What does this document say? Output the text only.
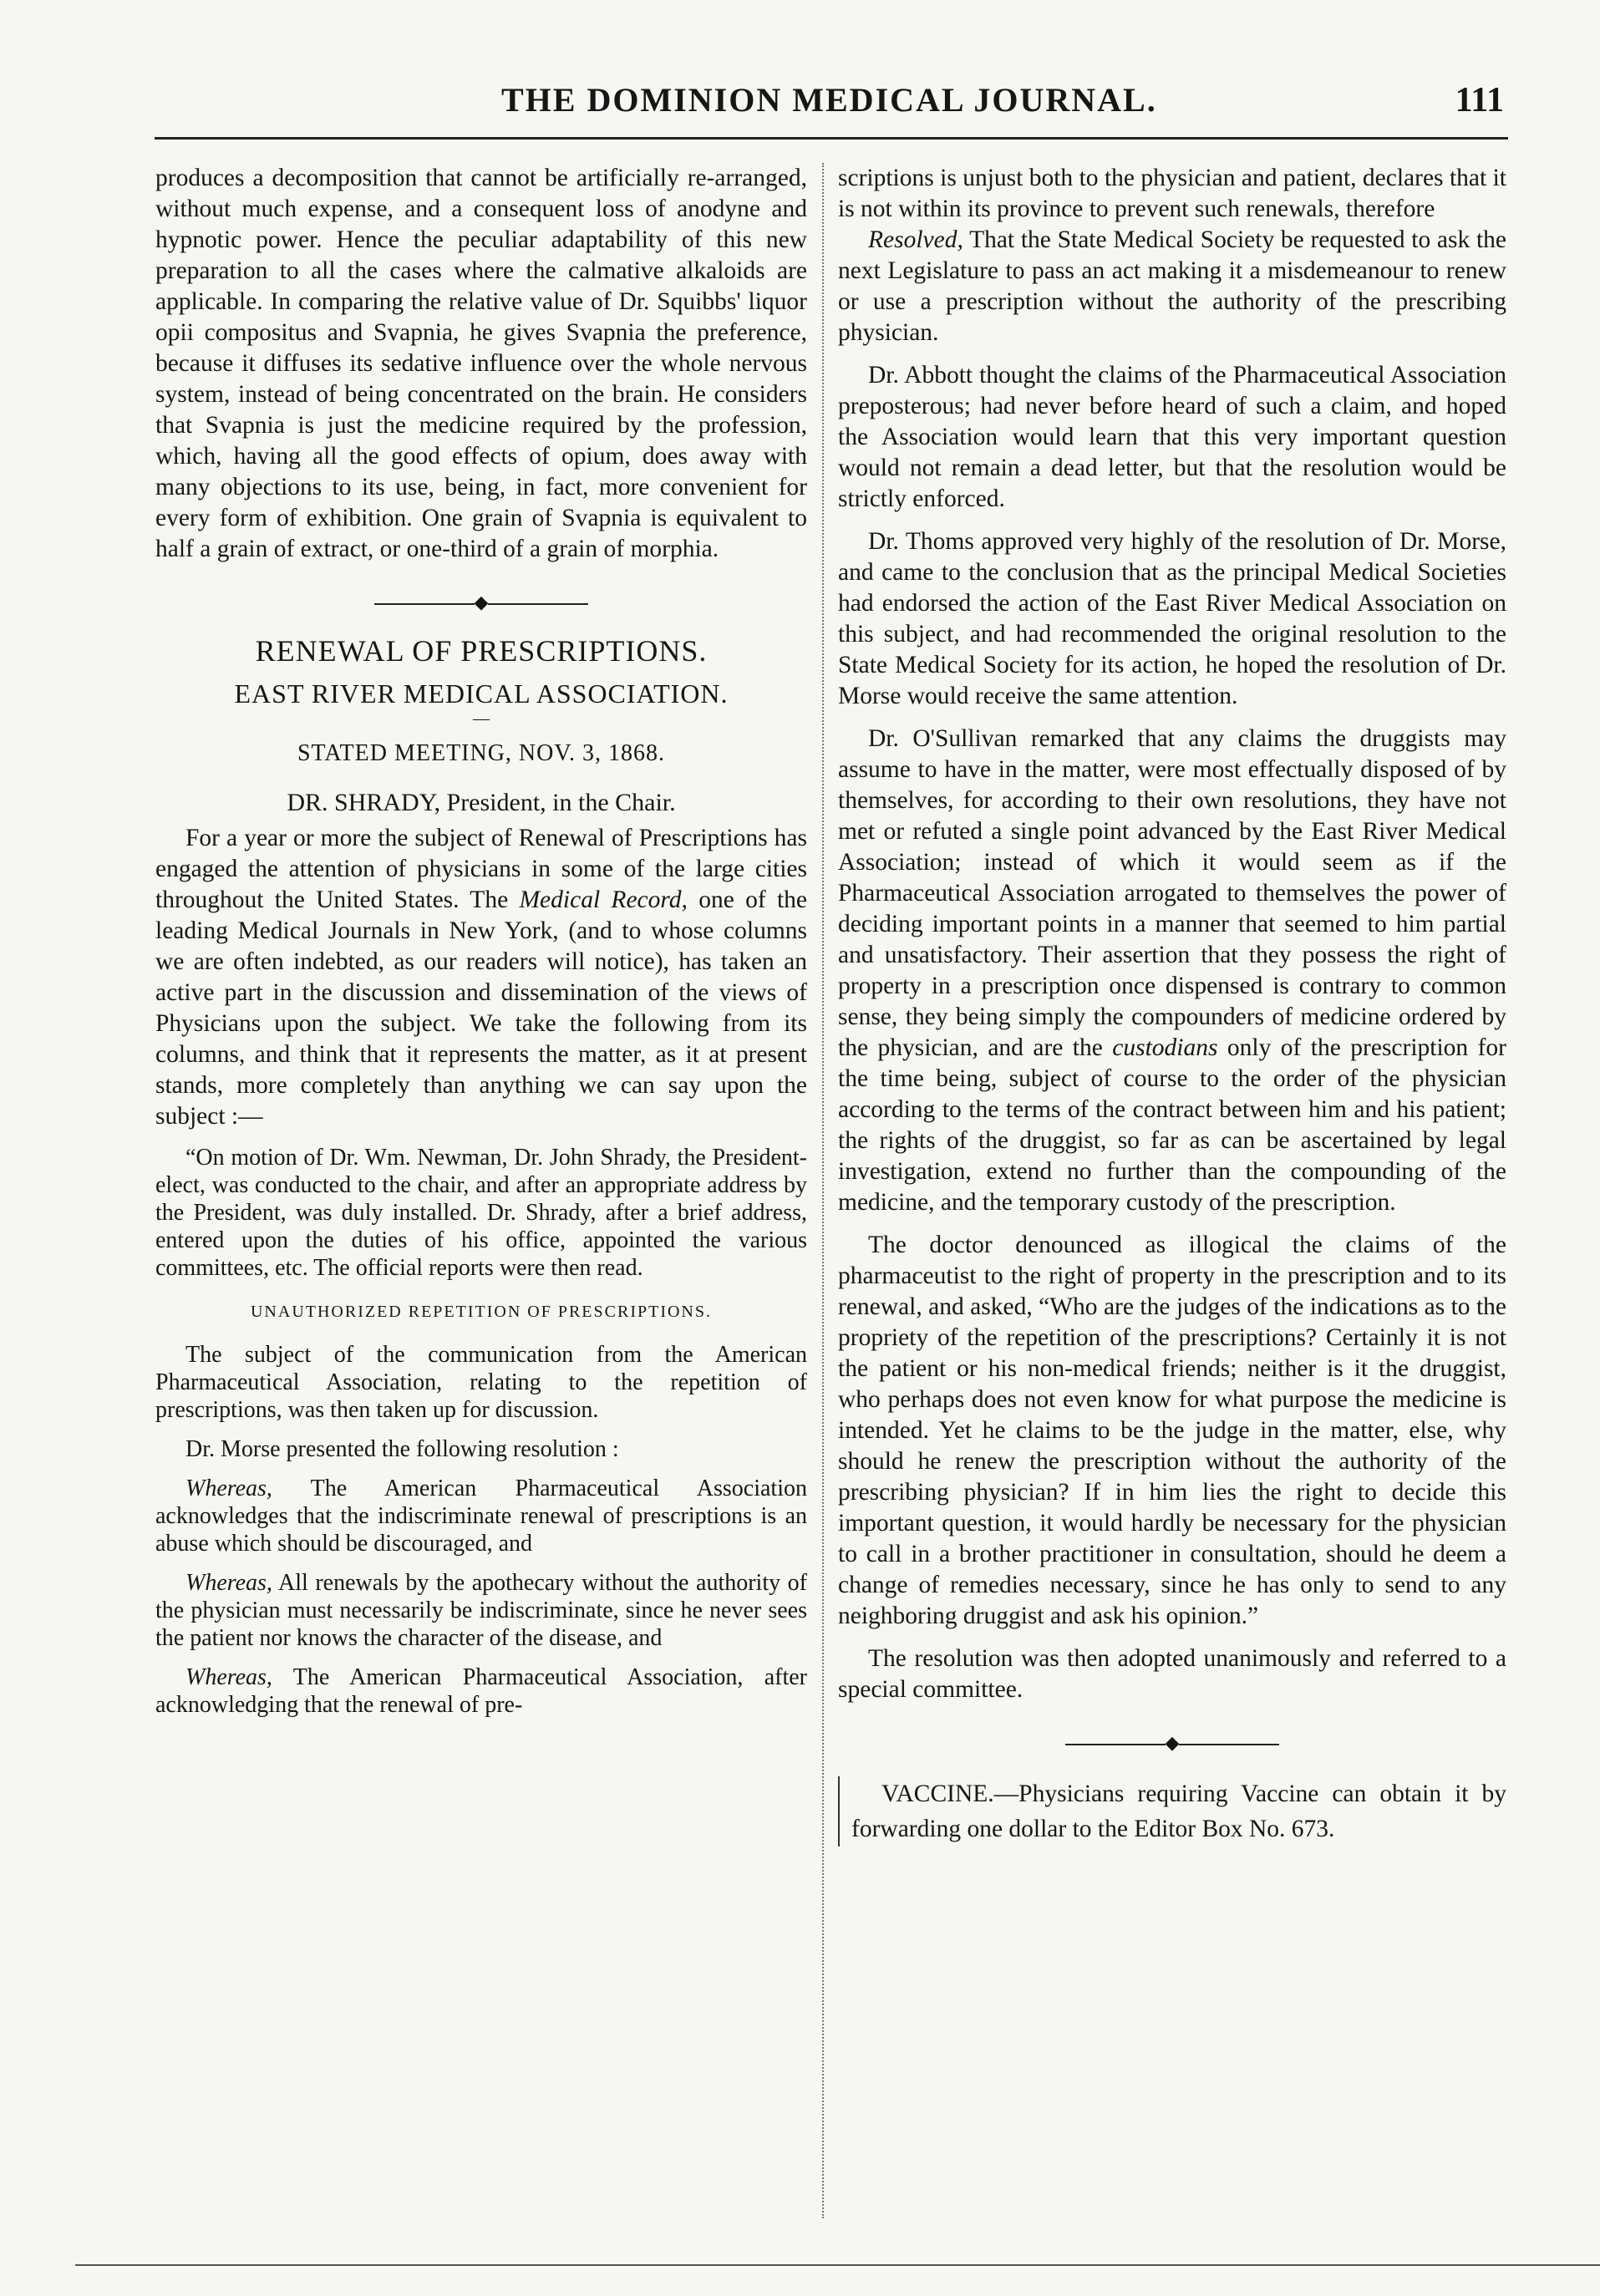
THE DOMINION MEDICAL JOURNAL.	111

produces a decomposition that cannot be artificially re-arranged, without much expense, and a consequent loss of anodyne and hypnotic power. Hence the peculiar adaptability of this new preparation to all the cases where the calmative alkaloids are applicable. In comparing the relative value of Dr. Squibbs' liquor opii compositus and Svapnia, he gives Svapnia the preference, because it diffuses its sedative influence over the whole nervous system, instead of being concentrated on the brain. He considers that Svapnia is just the medicine required by the profession, which, having all the good effects of opium, does away with many objections to its use, being, in fact, more convenient for every form of exhibition. One grain of Svapnia is equivalent to half a grain of extract, or one-third of a grain of morphia.

◆
RENEWAL OF PRESCRIPTIONS.
EAST RIVER MEDICAL ASSOCIATION.
—
STATED MEETING, NOV. 3, 1868.
DR. SHRADY, President, in the Chair.

For a year or more the subject of Renewal of Prescriptions has engaged the attention of physicians in some of the large cities throughout the United States. The Medical Record, one of the leading Medical Journals in New York, (and to whose columns we are often indebted, as our readers will notice), has taken an active part in the discussion and dissemination of the views of Physicians upon the subject. We take the following from its columns, and think that it represents the matter, as it at present stands, more completely than anything we can say upon the subject :—

“On motion of Dr. Wm. Newman, Dr. John Shrady, the President-elect, was conducted to the chair, and after an appropriate address by the President, was duly installed. Dr. Shrady, after a brief address, entered upon the duties of his office, appointed the various committees, etc. The official reports were then read.

UNAUTHORIZED REPETITION OF PRESCRIPTIONS.

The subject of the communication from the American Pharmaceutical Association, relating to the repetition of prescriptions, was then taken up for discussion.

Dr. Morse presented the following resolution :

Whereas, The American Pharmaceutical Association acknowledges that the indiscriminate renewal of prescriptions is an abuse which should be discouraged, and

Whereas, All renewals by the apothecary without the authority of the physician must necessarily be indiscriminate, since he never sees the patient nor knows the character of the disease, and

Whereas, The American Pharmaceutical Association, after acknowledging that the renewal of pre-

scriptions is unjust both to the physician and patient, declares that it is not within its province to prevent such renewals, therefore

Resolved, That the State Medical Society be requested to ask the next Legislature to pass an act making it a misdemeanour to renew or use a prescription without the authority of the prescribing physician.

Dr. Abbott thought the claims of the Pharmaceutical Association preposterous; had never before heard of such a claim, and hoped the Association would learn that this very important question would not remain a dead letter, but that the resolution would be strictly enforced.

Dr. Thoms approved very highly of the resolution of Dr. Morse, and came to the conclusion that as the principal Medical Societies had endorsed the action of the East River Medical Association on this subject, and had recommended the original resolution to the State Medical Society for its action, he hoped the resolution of Dr. Morse would receive the same attention.

Dr. O'Sullivan remarked that any claims the druggists may assume to have in the matter, were most effectually disposed of by themselves, for according to their own resolutions, they have not met or refuted a single point advanced by the East River Medical Association; instead of which it would seem as if the Pharmaceutical Association arrogated to themselves the power of deciding important points in a manner that seemed to him partial and unsatisfactory. Their assertion that they possess the right of property in a prescription once dispensed is contrary to common sense, they being simply the compounders of medicine ordered by the physician, and are the custodians only of the prescription for the time being, subject of course to the order of the physician according to the terms of the contract between him and his patient; the rights of the druggist, so far as can be ascertained by legal investigation, extend no further than the compounding of the medicine, and the temporary custody of the prescription.

The doctor denounced as illogical the claims of the pharmaceutist to the right of property in the prescription and to its renewal, and asked, “Who are the judges of the indications as to the propriety of the repetition of the prescriptions? Certainly it is not the patient or his non-medical friends; neither is it the druggist, who perhaps does not even know for what purpose the medicine is intended. Yet he claims to be the judge in the matter, else, why should he renew the prescription without the authority of the prescribing physician? If in him lies the right to decide this important question, it would hardly be necessary for the physician to call in a brother practitioner in consultation, should he deem a change of remedies necessary, since he has only to send to any neighboring druggist and ask his opinion.”

The resolution was then adopted unanimously and referred to a special committee.

◆

VACCINE.—Physicians requiring Vaccine can obtain it by forwarding one dollar to the Editor Box No. 673.
